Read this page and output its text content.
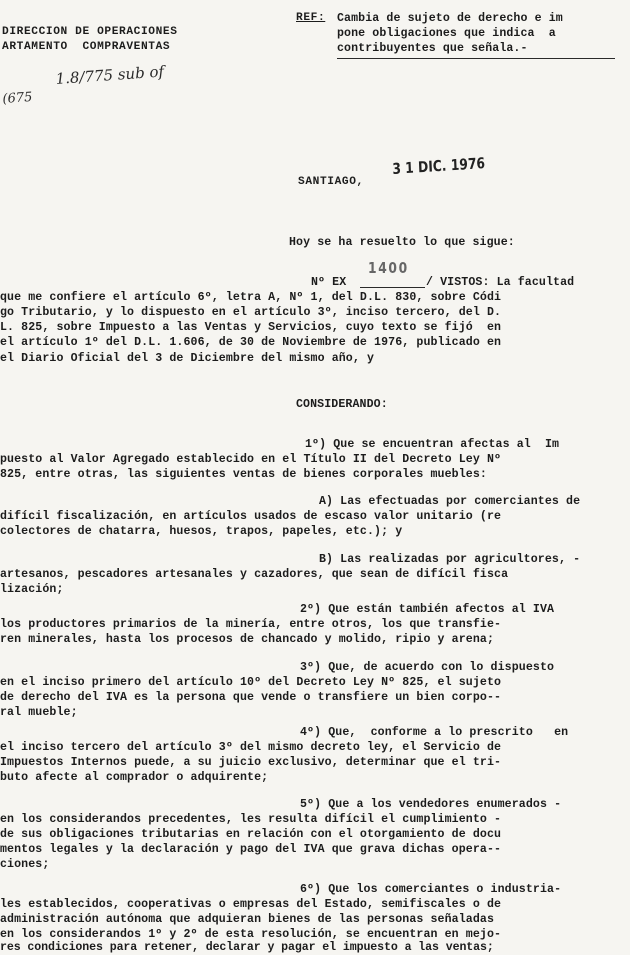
DIRECCION DE OPERACIONES
ARTAMENTO  COMPRAVENTAS
1.8/775 sub of
(675
REF: Cambia de sujeto de derecho e im
pone obligaciones que indica  a
contribuyentes que señala.-
SANTIAGO,
3 1 DIC. 1976
Hoy se ha resuelto lo que sigue:
Nº EX
1400
/ VISTOS: La facultad
que me confiere el artículo 6º, letra A, Nº 1, del D.L. 830, sobre Códi
go Tributario, y lo dispuesto en el artículo 3º, inciso tercero, del D.
L. 825, sobre Impuesto a las Ventas y Servicios, cuyo texto se fijó  en
el artículo 1º del D.L. 1.606, de 30 de Noviembre de 1976, publicado en
el Diario Oficial del 3 de Diciembre del mismo año, y
CONSIDERANDO:
1º) Que se encuentran afectas al  Im
puesto al Valor Agregado establecido en el Título II del Decreto Ley Nº
825, entre otras, las siguientes ventas de bienes corporales muebles:
A) Las efectuadas por comerciantes de
difícil fiscalización, en artículos usados de escaso valor unitario (re
colectores de chatarra, huesos, trapos, papeles, etc.); y
B) Las realizadas por agricultores, -
artesanos, pescadores artesanales y cazadores, que sean de difícil fisca
lización;
2º) Que están también afectos al IVA
los productores primarios de la minería, entre otros, los que transfie-
ren minerales, hasta los procesos de chancado y molido, ripio y arena;
3º) Que, de acuerdo con lo dispuesto
en el inciso primero del artículo 10º del Decreto Ley Nº 825, el sujeto
de derecho del IVA es la persona que vende o transfiere un bien corpo--
ral mueble;
4º) Que,  conforme a lo prescrito   en
el inciso tercero del artículo 3º del mismo decreto ley, el Servicio de
Impuestos Internos puede, a su juicio exclusivo, determinar que el tri-
buto afecte al comprador o adquirente;
5º) Que a los vendedores enumerados -
en los considerandos precedentes, les resulta difícil el cumplimiento -
de sus obligaciones tributarias en relación con el otorgamiento de docu
mentos legales y la declaración y pago del IVA que grava dichas opera--
ciones;
6º) Que los comerciantes o industria-
les establecidos, cooperativas o empresas del Estado, semifiscales o de
administración autónoma que adquieran bienes de las personas señaladas
en los considerandos 1º y 2º de esta resolución, se encuentran en mejo-
res condiciones para retener, declarar y pagar el impuesto a las ventas;
